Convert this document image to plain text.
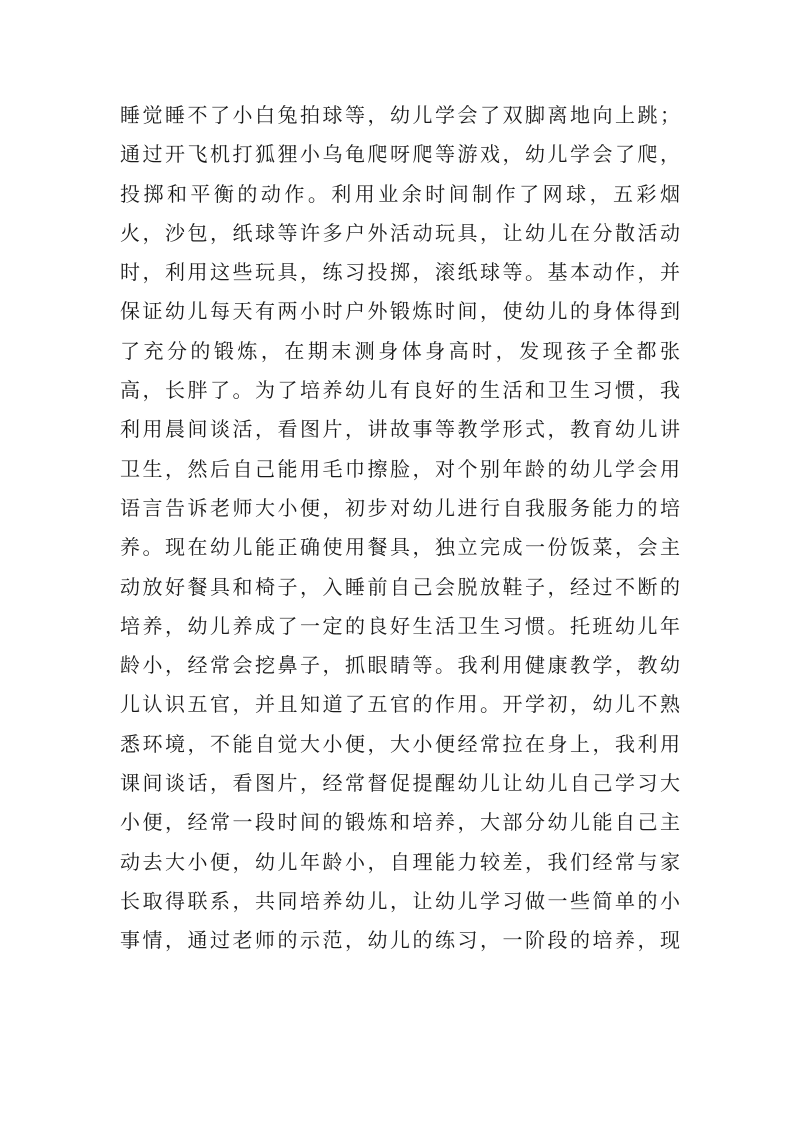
睡觉睡不了小白兔拍球等，幼儿学会了双脚离地向上跳；
通过开飞机打狐狸小乌龟爬呀爬等游戏，幼儿学会了爬，
投掷和平衡的动作。利用业余时间制作了网球，五彩烟
火，沙包，纸球等许多户外活动玩具，让幼儿在分散活动
时，利用这些玩具，练习投掷，滚纸球等。基本动作，并
保证幼儿每天有两小时户外锻炼时间，使幼儿的身体得到
了充分的锻炼，在期末测身体身高时，发现孩子全都张
高，长胖了。为了培养幼儿有良好的生活和卫生习惯，我
利用晨间谈活，看图片，讲故事等教学形式，教育幼儿讲
卫生，然后自己能用毛巾擦脸，对个别年龄的幼儿学会用
语言告诉老师大小便，初步对幼儿进行自我服务能力的培
养。现在幼儿能正确使用餐具，独立完成一份饭菜，会主
动放好餐具和椅子，入睡前自己会脱放鞋子，经过不断的
培养，幼儿养成了一定的良好生活卫生习惯。托班幼儿年
龄小，经常会挖鼻子，抓眼睛等。我利用健康教学，教幼
儿认识五官，并且知道了五官的作用。开学初，幼儿不熟
悉环境，不能自觉大小便，大小便经常拉在身上，我利用
课间谈话，看图片，经常督促提醒幼儿让幼儿自己学习大
小便，经常一段时间的锻炼和培养，大部分幼儿能自己主
动去大小便，幼儿年龄小，自理能力较差，我们经常与家
长取得联系，共同培养幼儿，让幼儿学习做一些简单的小
事情，通过老师的示范，幼儿的练习，一阶段的培养，现
